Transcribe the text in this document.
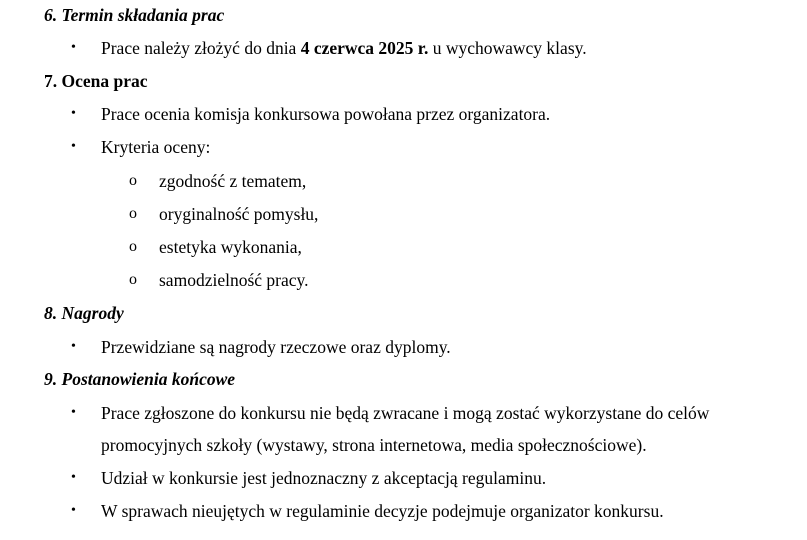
6. Termin składania prac
• Prace należy złożyć do dnia 4 czerwca 2025 r. u wychowawcy klasy.
7. Ocena prac
• Prace ocenia komisja konkursowa powołana przez organizatora.
• Kryteria oceny:
o zgodność z tematem,
o oryginalność pomysłu,
o estetyka wykonania,
o samodzielność pracy.
8. Nagrody
• Przewidziane są nagrody rzeczowe oraz dyplomy.
9. Postanowienia końcowe
• Prace zgłoszone do konkursu nie będą zwracane i mogą zostać wykorzystane do celów
promocyjnych szkoły (wystawy, strona internetowa, media społecznościowe).
• Udział w konkursie jest jednoznaczny z akceptacją regulaminu.
• W sprawach nieujętych w regulaminie decyzje podejmuje organizator konkursu.
